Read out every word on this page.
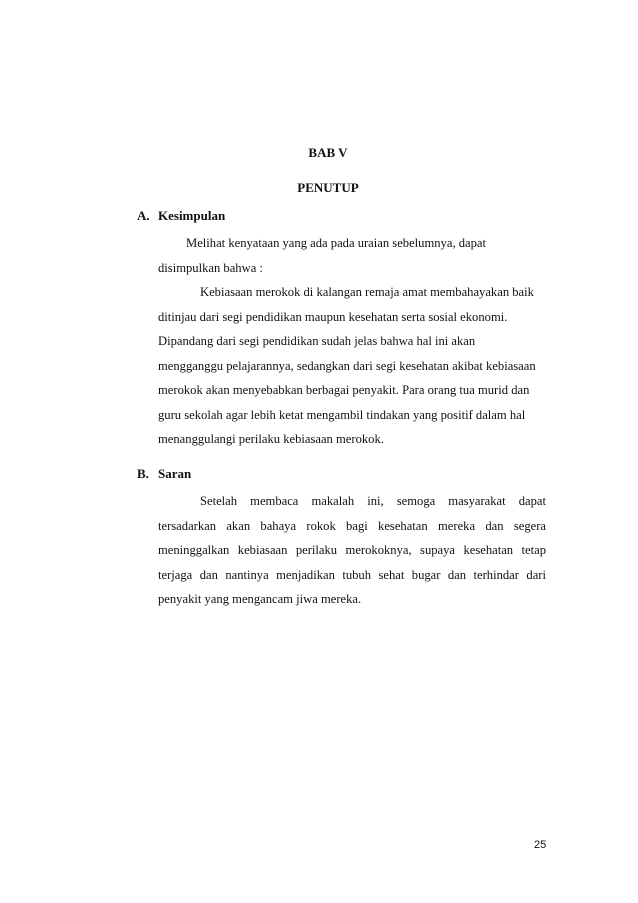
BAB V
PENUTUP
A. Kesimpulan
Melihat kenyataan yang ada pada uraian sebelumnya, dapat
disimpulkan bahwa :
Kebiasaan merokok di kalangan remaja amat membahayakan baik
ditinjau dari segi pendidikan maupun kesehatan serta sosial ekonomi.
Dipandang dari segi pendidikan sudah jelas bahwa hal ini akan
mengganggu pelajarannya, sedangkan dari segi kesehatan akibat kebiasaan
merokok akan menyebabkan berbagai penyakit. Para orang tua murid dan
guru sekolah agar lebih ketat mengambil tindakan yang positif dalam hal
menanggulangi perilaku kebiasaan merokok.
B. Saran
Setelah membaca makalah ini, semoga masyarakat dapat
tersadarkan akan bahaya rokok bagi kesehatan mereka dan segera
meninggalkan kebiasaan perilaku merokoknya, supaya kesehatan tetap
terjaga dan nantinya menjadikan tubuh sehat bugar dan terhindar dari
penyakit yang mengancam jiwa mereka.
25
